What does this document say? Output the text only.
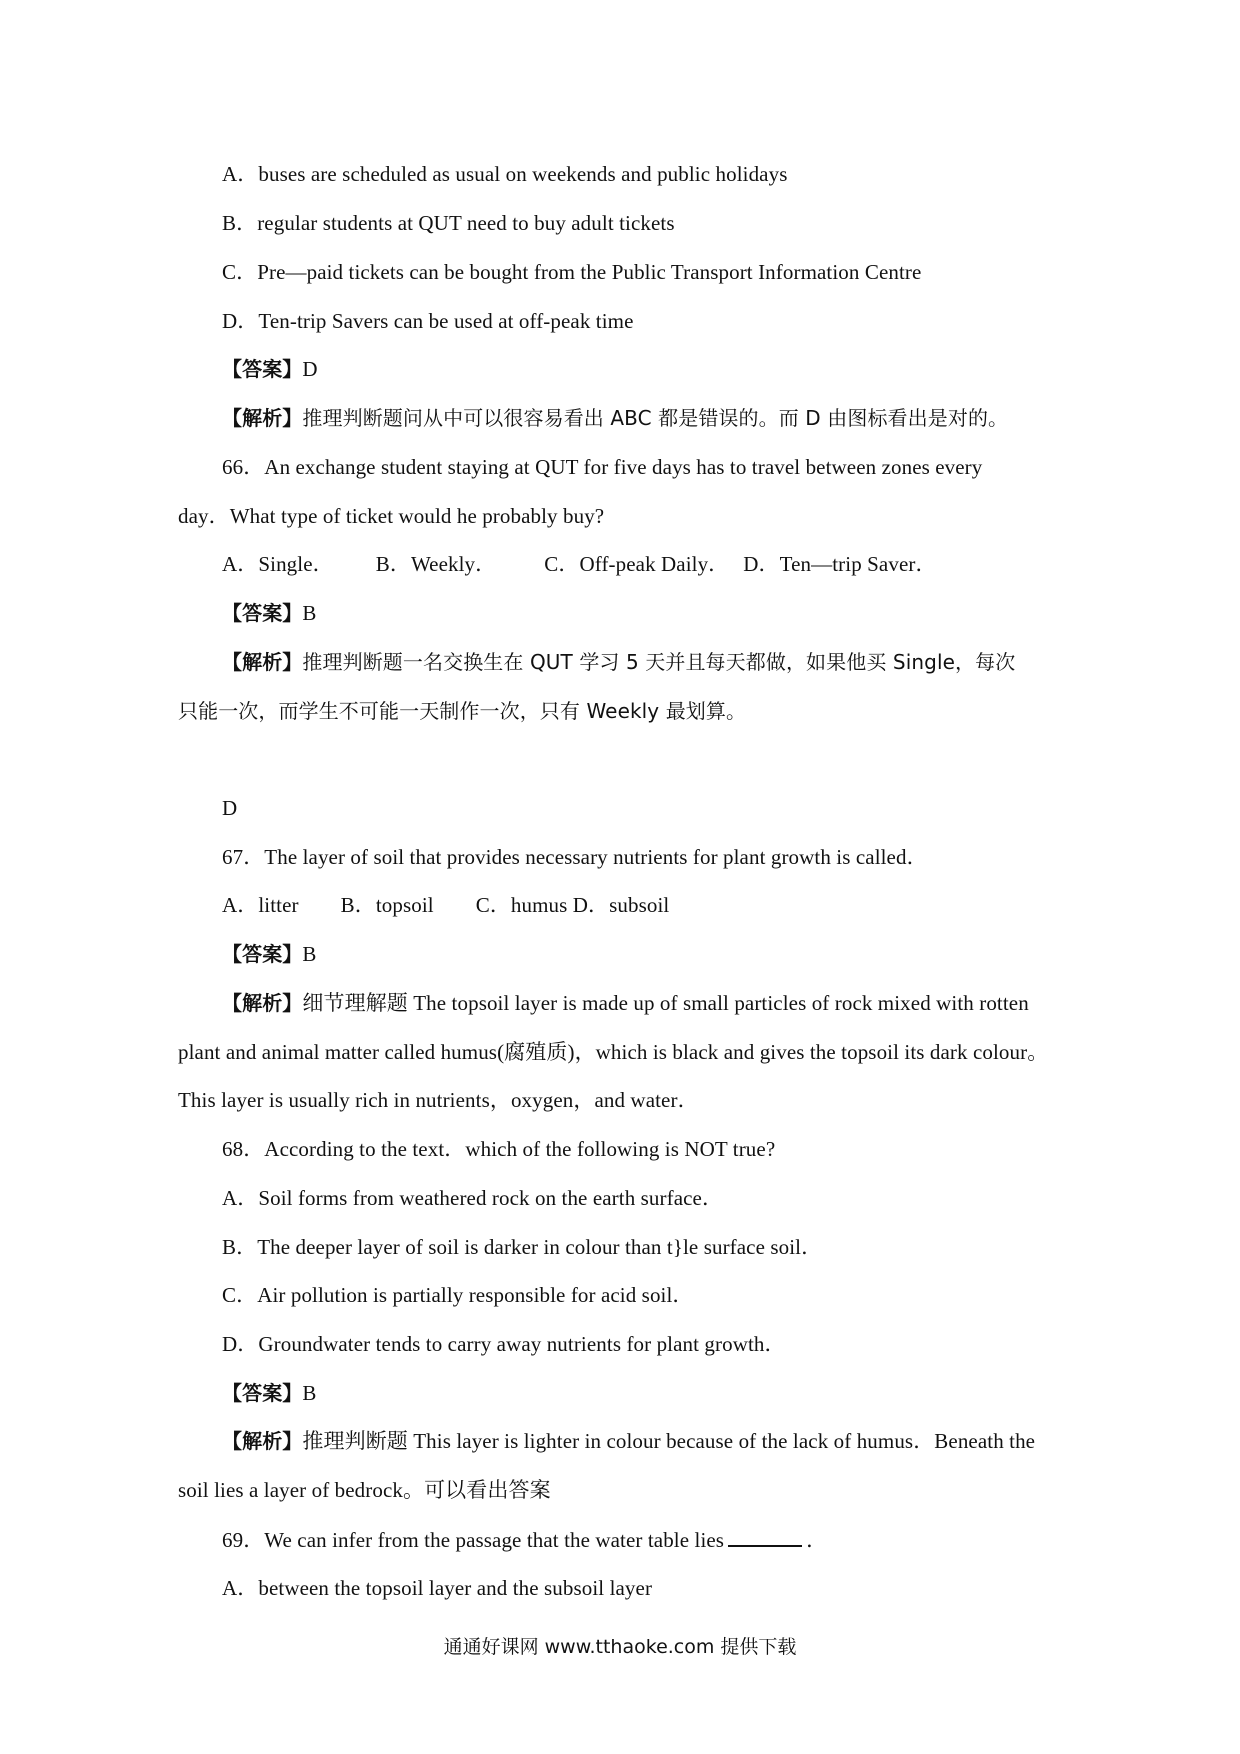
A．buses are scheduled as usual on weekends and public holidays
B．regular students at QUT need to buy adult tickets
C．Pre—paid tickets can be bought from the Public Transport Information Centre
D．Ten-trip Savers can be used at off-peak time
【答案】D
【解析】推理判断题问从中可以很容易看出 ABC 都是错误的。而 D 由图标看出是对的。
66．An exchange student staying at QUT for five days has to travel between zones every
day．What type of ticket would he probably buy?
A．Single． B．Weekly． C．Off-peak Daily． D．Ten—trip Saver．
【答案】B
【解析】推理判断题一名交换生在 QUT 学习 5 天并且每天都做，如果他买 Single，每次
只能一次，而学生不可能一天制作一次，只有 Weekly 最划算。
D
67．The layer of soil that provides necessary nutrients for plant growth is called．
A．litter B．topsoil C．humus D．subsoil
【答案】B
【解析】细节理解题 The topsoil layer is made up of small particles of rock mixed with rotten
plant and animal matter called humus(腐殖质)，which is black and gives the topsoil its dark colour。
This layer is usually rich in nutrients，oxygen，and water．
68．According to the text．which of the following is NOT true?
A．Soil forms from weathered rock on the earth surface．
B．The deeper layer of soil is darker in colour than t}le surface soil．
C．Air pollution is partially responsible for acid soil．
D．Groundwater tends to carry away nutrients for plant growth．
【答案】B
【解析】推理判断题 This layer is lighter in colour because of the lack of humus．Beneath the
soil lies a layer of bedrock。可以看出答案
69．We can infer from the passage that the water table lies	．
A．between the topsoil layer and the subsoil layer
通通好课网 www.tthaoke.com 提供下载
